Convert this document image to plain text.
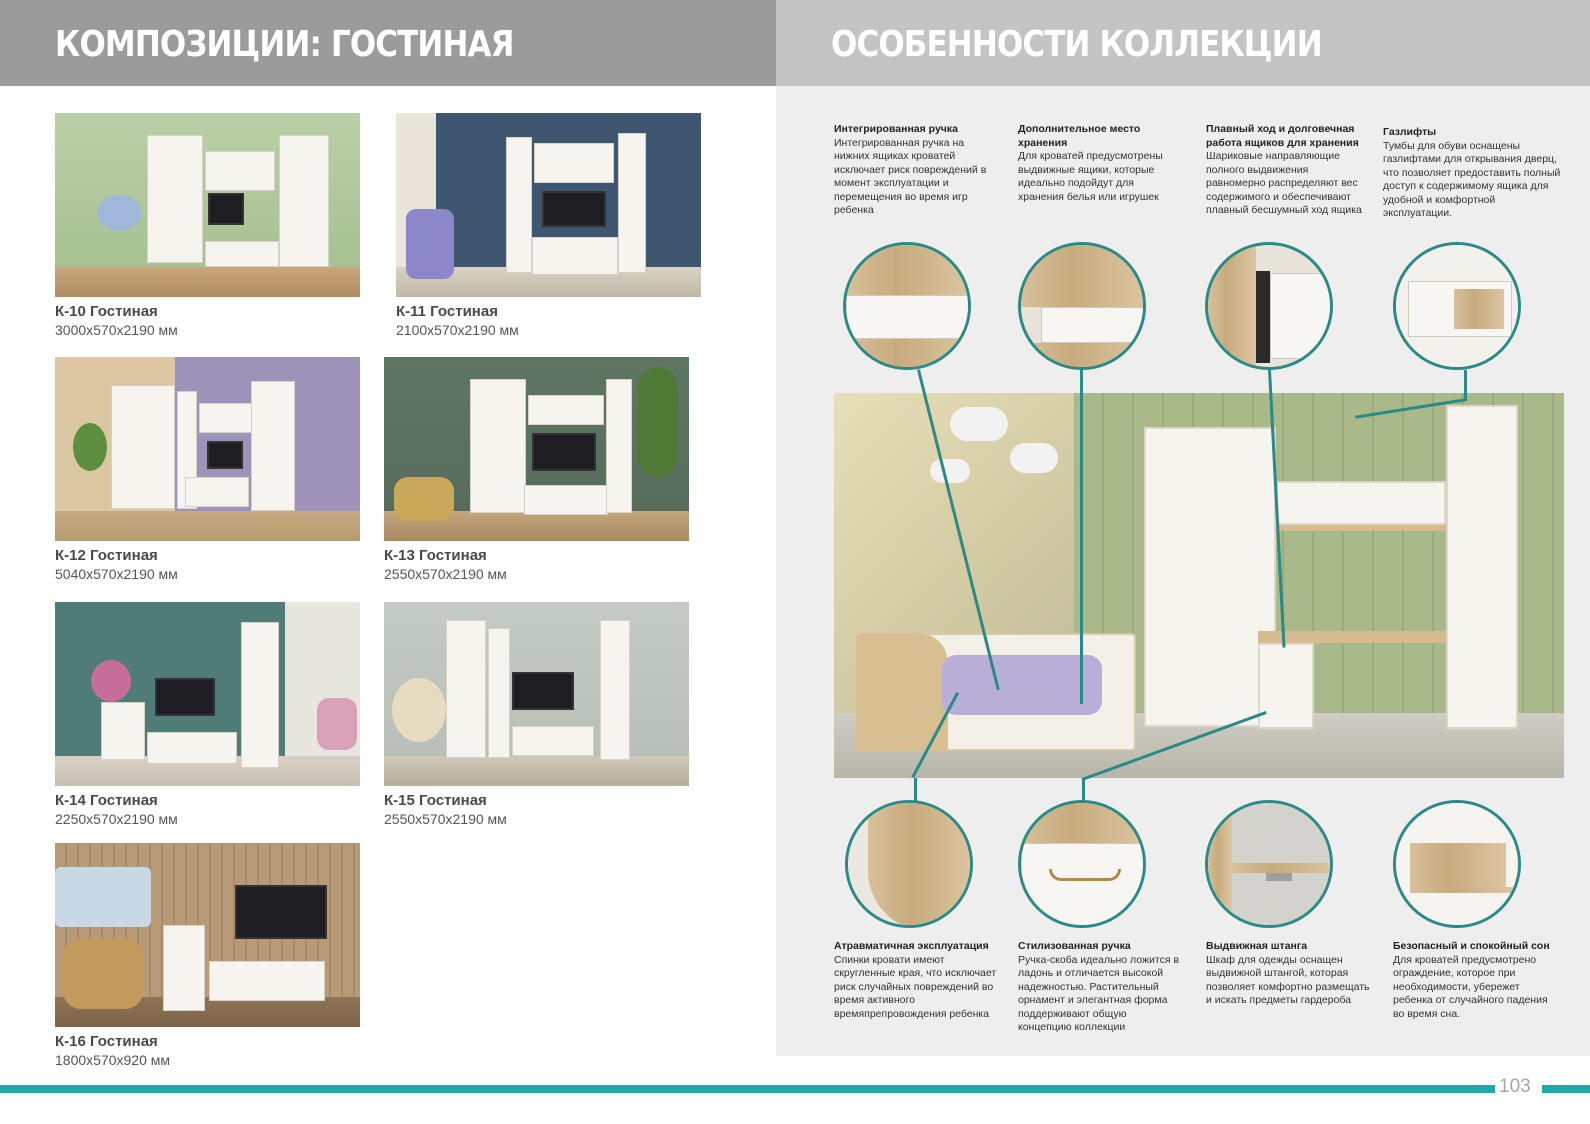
КОМПОЗИЦИИ: ГОСТИНАЯ	ОСОБЕННОСТИ КОЛЛЕКЦИИ
К-10 Гостиная
3000x570x2190 мм
К-11 Гостиная
2100x570x2190 мм
К-12 Гостиная
5040x570x2190 мм
К-13 Гостиная
2550x570x2190 мм
К-14 Гостиная
2250x570x2190 мм
К-15 Гостиная
2550x570x2190 мм
К-16 Гостиная
1800x570x920 мм
Интегрированная ручка
Интегрированная ручка на нижних ящиках кроватей исключает риск повреждений в момент эксплуатации и перемещения во время игр ребенка
Дополнительное место хранения
Для кроватей предусмотрены выдвижные ящики, которые идеально подойдут для хранения белья или игрушек
Плавный ход и долговечная работа ящиков для хранения
Шариковые направляющие полного выдвижения равномерно распределяют вес содержимого и обеспечивают плавный бесшумный ход ящика
Газлифты
Тумбы для обуви оснащены газлифтами для открывания дверц, что позволяет предоставить полный доступ к содержимому ящика для удобной и комфортной эксплуатации.
Атравматичная эксплуатация
Спинки кровати имеют скругленные края, что исключает риск случайных повреждений во время активного времяпрепровождения ребенка
Стилизованная ручка
Ручка-скоба идеально ложится в ладонь и отличается высокой надежностью. Растительный орнамент и элегантная форма поддерживают общую концепцию коллекции
Выдвижная штанга
Шкаф для одежды оснащен выдвижной штангой, которая позволяет комфортно размещать и искать предметы гардероба
Безопасный и спокойный сон
Для кроватей предусмотрено ограждение, которое при необходимости, убережет ребенка от случайного падения во время сна.
103
